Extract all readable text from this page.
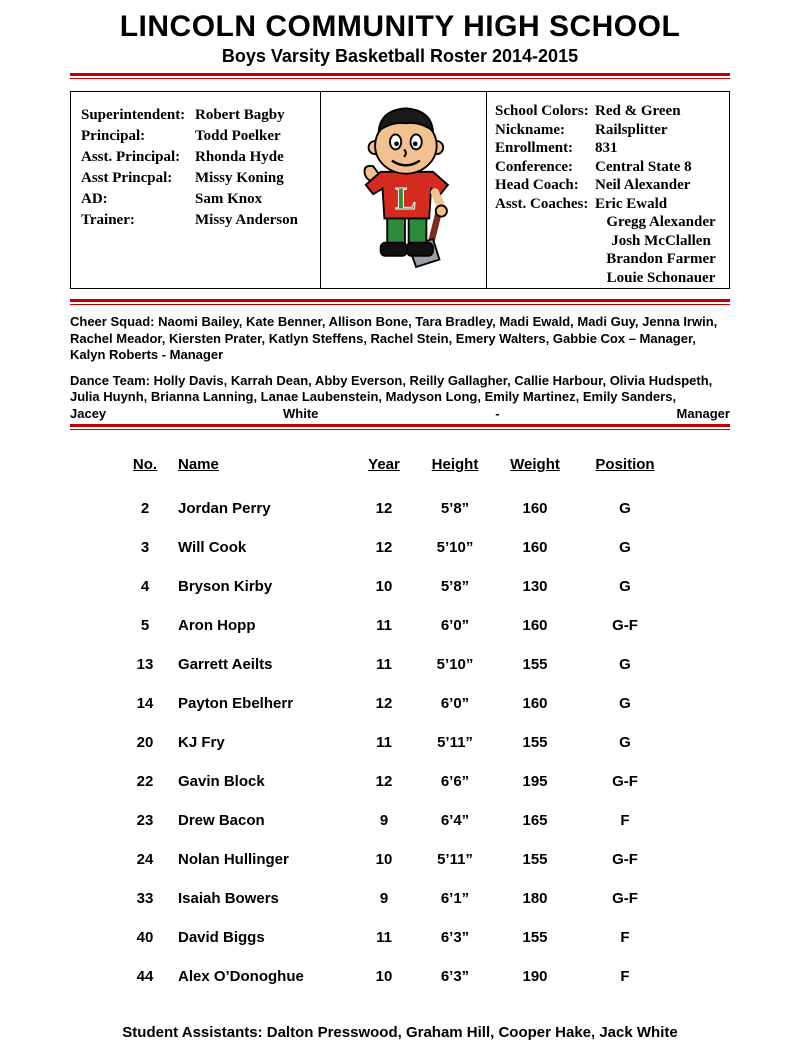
LINCOLN COMMUNITY HIGH SCHOOL
Boys Varsity Basketball Roster 2014-2015
Superintendent: Robert Bagby
Principal:	Todd Poelker
Asst. Principal: Rhonda Hyde
Asst Princpal:	Missy Koning
AD:	Sam Knox
Trainer:	Missy Anderson
L
School Colors: Red & Green
Nickname:	Railsplitter
Enrollment:	831
Conference:	Central State 8
Head Coach:	Neil Alexander
Asst. Coaches: Eric Ewald
Gregg Alexander
Josh McClallen
Brandon Farmer
Louie Schonauer

Cheer Squad: Naomi Bailey, Kate Benner, Allison Bone, Tara Bradley, Madi Ewald, Madi Guy, Jenna Irwin, Rachel Meador, Kiersten Prater, Katlyn Steffens, Rachel Stein, Emery Walters, Gabbie Cox – Manager, Kalyn Roberts - Manager

Dance Team: Holly Davis, Karrah Dean, Abby Everson, Reilly Gallagher, Callie Harbour, Olivia Hudspeth, Julia Huynh, Brianna Lanning, Lanae Laubenstein, Madyson Long, Emily Martinez, Emily Sanders,

Jacey	White	-	Manager
No.	Name	Year	Height	Weight	Position
2	Jordan Perry	12	5’8”	160	G
3	Will Cook	12	5’10”	160	G
4	Bryson Kirby	10	5’8”	130	G
5	Aron Hopp	11	6’0”	160	G-F
13	Garrett Aeilts	11	5’10”	155	G
14	Payton Ebelherr	12	6’0”	160	G
20	KJ Fry	11	5’11”	155	G
22	Gavin Block	12	6’6”	195	G-F
23	Drew Bacon	9	6’4”	165	F
24	Nolan Hullinger	10	5’11”	155	G-F
33	Isaiah Bowers	9	6’1”	180	G-F
40	David Biggs	11	6’3”	155	F
44	Alex O’Donoghue	10	6’3”	190	F

Student Assistants: Dalton Presswood, Graham Hill, Cooper Hake, Jack White
